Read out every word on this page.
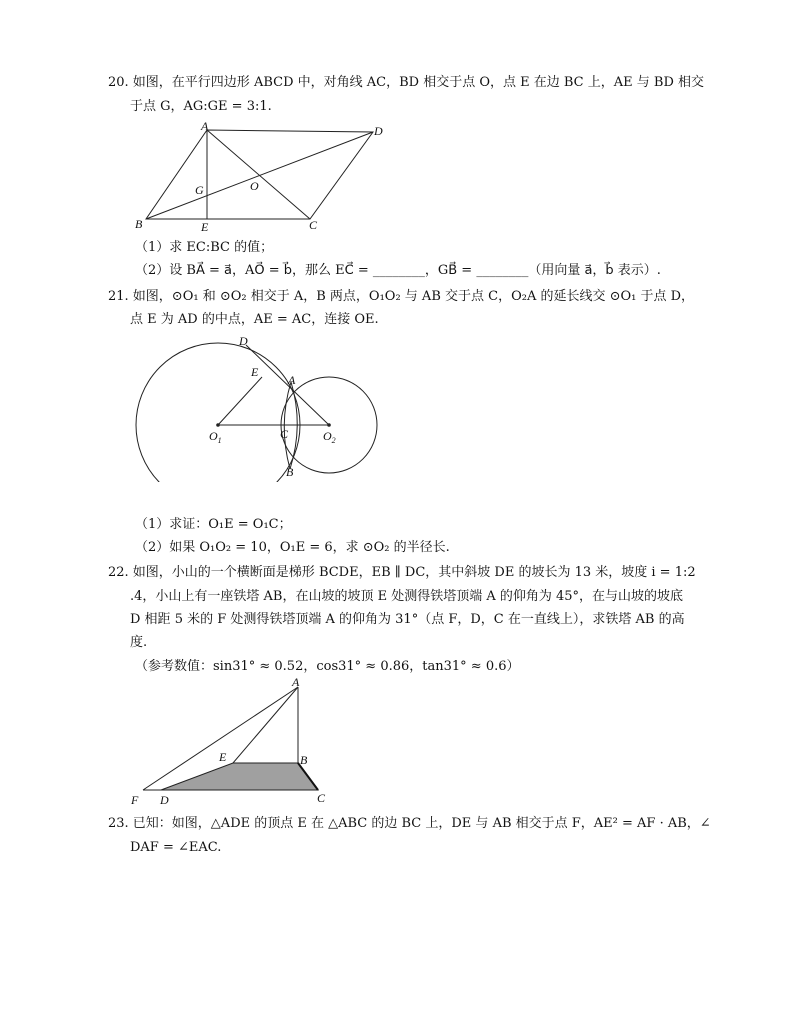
20. 如图，在平行四边形 ABCD 中，对角线 AC，BD 相交于点 O，点 E 在边 BC 上，AE 与 BD 相交
于点 G，AG:GE = 3:1.
A	D
G	O
B	E	C
（1）求 EC:BC 的值；
（2）设 BA⃗ = a⃗，AO⃗ = b⃗，那么 EC⃗ = ________，GB⃗ = ________（用向量 a⃗，b⃗ 表示）.
21. 如图，⊙O₁ 和 ⊙O₂ 相交于 A，B 两点，O₁O₂ 与 AB 交于点 C，O₂A 的延长线交 ⊙O₁ 于点 D，
点 E 为 AD 的中点，AE = AC，连接 OE.
D
E
A
$O_1$	C	$O_2$
B
（1）求证：O₁E = O₁C；
（2）如果 O₁O₂ = 10，O₁E = 6，求 ⊙O₂ 的半径长.
22. 如图，小山的一个横断面是梯形 BCDE，EB ∥ DC，其中斜坡 DE 的坡长为 13 米，坡度 i = 1:2
.4，小山上有一座铁塔 AB，在山坡的坡顶 E 处测得铁塔顶端 A 的仰角为 45°，在与山坡的坡底
D 相距 5 米的 F 处测得铁塔顶端 A 的仰角为 31°（点 F，D，C 在一直线上），求铁塔 AB 的高
度.
（参考数值：sin31° ≈ 0.52，cos31° ≈ 0.86，tan31° ≈ 0.6）
A
E	B
F D	C
23. 已知：如图，△ADE 的顶点 E 在 △ABC 的边 BC 上，DE 与 AB 相交于点 F，AE² = AF · AB，∠
DAF = ∠EAC.
